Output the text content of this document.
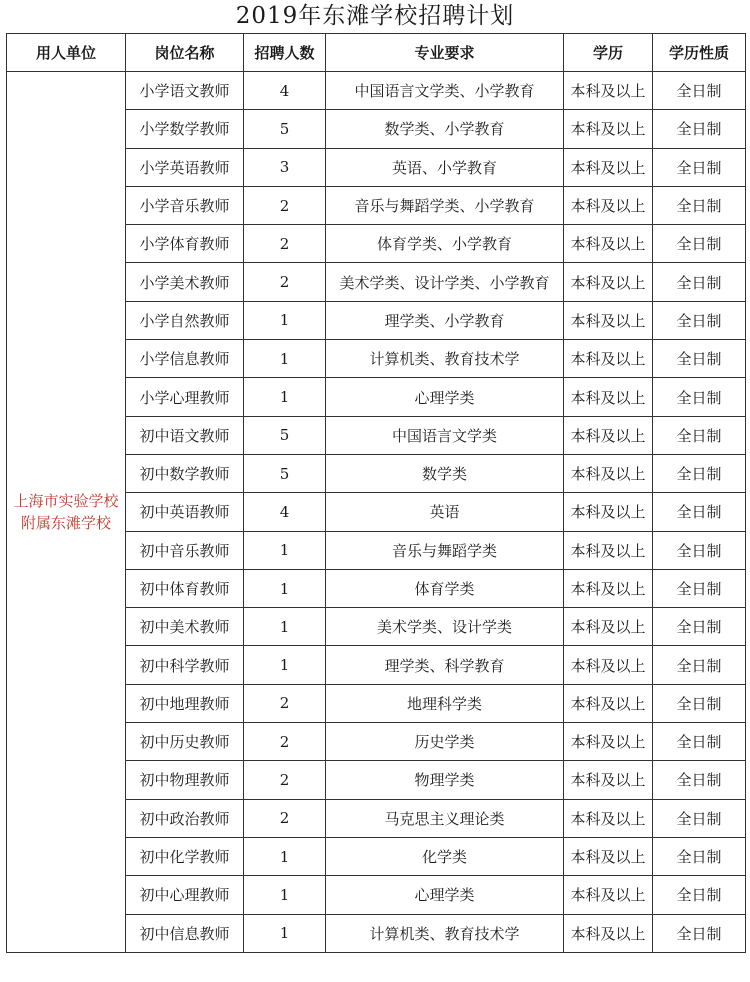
2019年东滩学校招聘计划
用人单位	岗位名称	招聘人数	专业要求	学历	学历性质
上海市实验学校附属东滩学校	小学语文教师	4	中国语言文学类、小学教育	本科及以上	全日制
	小学数学教师	5	数学类、小学教育	本科及以上	全日制
	小学英语教师	3	英语、小学教育	本科及以上	全日制
	小学音乐教师	2	音乐与舞蹈学类、小学教育	本科及以上	全日制
	小学体育教师	2	体育学类、小学教育	本科及以上	全日制
	小学美术教师	2	美术学类、设计学类、小学教育	本科及以上	全日制
	小学自然教师	1	理学类、小学教育	本科及以上	全日制
	小学信息教师	1	计算机类、教育技术学	本科及以上	全日制
	小学心理教师	1	心理学类	本科及以上	全日制
	初中语文教师	5	中国语言文学类	本科及以上	全日制
	初中数学教师	5	数学类	本科及以上	全日制
	初中英语教师	4	英语	本科及以上	全日制
	初中音乐教师	1	音乐与舞蹈学类	本科及以上	全日制
	初中体育教师	1	体育学类	本科及以上	全日制
	初中美术教师	1	美术学类、设计学类	本科及以上	全日制
	初中科学教师	1	理学类、科学教育	本科及以上	全日制
	初中地理教师	2	地理科学类	本科及以上	全日制
	初中历史教师	2	历史学类	本科及以上	全日制
	初中物理教师	2	物理学类	本科及以上	全日制
	初中政治教师	2	马克思主义理论类	本科及以上	全日制
	初中化学教师	1	化学类	本科及以上	全日制
	初中心理教师	1	心理学类	本科及以上	全日制
	初中信息教师	1	计算机类、教育技术学	本科及以上	全日制
